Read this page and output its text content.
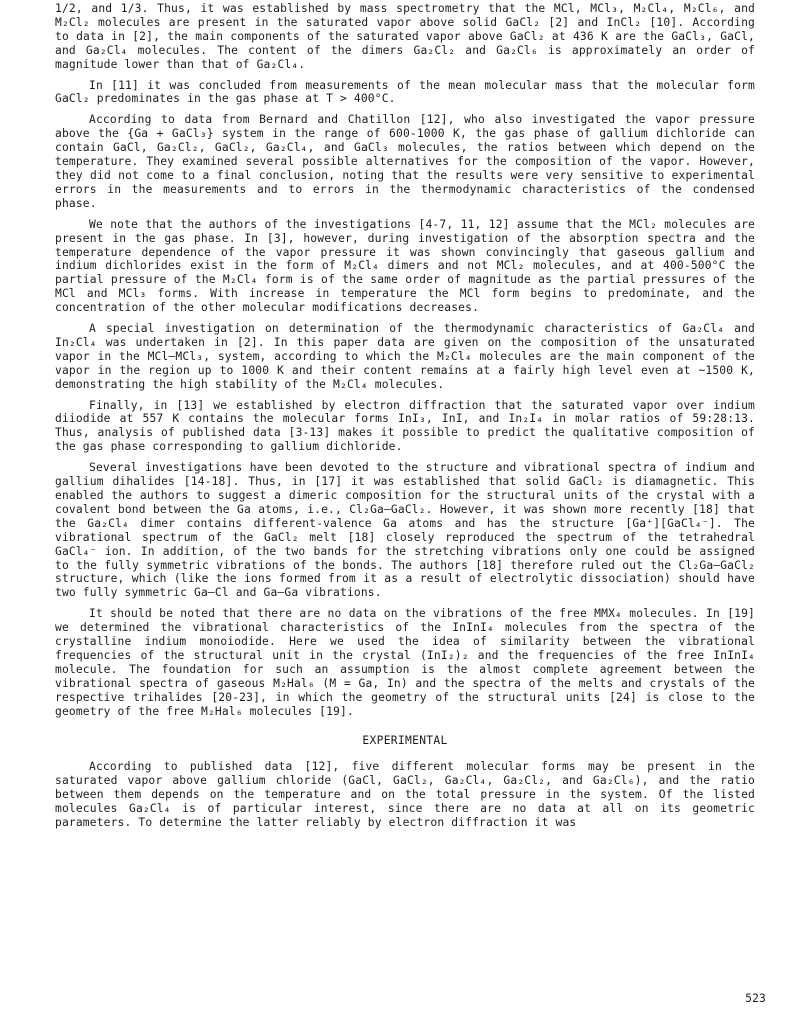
1/2, and 1/3. Thus, it was established by mass spectrometry that the MCl, MCl₃, M₂Cl₄, M₂Cl₆, and M₂Cl₂ molecules are present in the saturated vapor above solid GaCl₂ [2] and InCl₂ [10]. According to data in [2], the main components of the saturated vapor above GaCl₂ at 436 K are the GaCl₃, GaCl, and Ga₂Cl₄ molecules. The content of the dimers Ga₂Cl₂ and Ga₂Cl₆ is approximately an order of magnitude lower than that of Ga₂Cl₄.

In [11] it was concluded from measurements of the mean molecular mass that the molecular form GaCl₂ predominates in the gas phase at T > 400°C.

According to data from Bernard and Chatillon [12], who also investigated the vapor pressure above the {Ga + GaCl₃} system in the range of 600-1000 K, the gas phase of gallium dichloride can contain GaCl, Ga₂Cl₂, GaCl₂, Ga₂Cl₄, and GaCl₃ molecules, the ratios between which depend on the temperature. They examined several possible alternatives for the composition of the vapor. However, they did not come to a final conclusion, noting that the results were very sensitive to experimental errors in the measurements and to errors in the thermodynamic characteristics of the condensed phase.

We note that the authors of the investigations [4-7, 11, 12] assume that the MCl₂ molecules are present in the gas phase. In [3], however, during investigation of the absorption spectra and the temperature dependence of the vapor pressure it was shown convincingly that gaseous gallium and indium dichlorides exist in the form of M₂Cl₄ dimers and not MCl₂ molecules, and at 400-500°C the partial pressure of the M₂Cl₄ form is of the same order of magnitude as the partial pressures of the MCl and MCl₃ forms. With increase in temperature the MCl form begins to predominate, and the concentration of the other molecular modifications decreases.

A special investigation on determination of the thermodynamic characteristics of Ga₂Cl₄ and In₂Cl₄ was undertaken in [2]. In this paper data are given on the composition of the unsaturated vapor in the MCl–MCl₃, system, according to which the M₂Cl₄ molecules are the main component of the vapor in the region up to 1000 K and their content remains at a fairly high level even at ~1500 K, demonstrating the high stability of the M₂Cl₄ molecules.

Finally, in [13] we established by electron diffraction that the saturated vapor over indium diiodide at 557 K contains the molecular forms InI₃, InI, and In₂I₄ in molar ratios of 59:28:13. Thus, analysis of published data [3-13] makes it possible to predict the qualitative composition of the gas phase corresponding to gallium dichloride.

Several investigations have been devoted to the structure and vibrational spectra of indium and gallium dihalides [14-18]. Thus, in [17] it was established that solid GaCl₂ is diamagnetic. This enabled the authors to suggest a dimeric composition for the structural units of the crystal with a covalent bond between the Ga atoms, i.e., Cl₂Ga–GaCl₂. However, it was shown more recently [18] that the Ga₂Cl₄ dimer contains different-valence Ga atoms and has the structure [Ga⁺][GaCl₄⁻]. The vibrational spectrum of the GaCl₂ melt [18] closely reproduced the spectrum of the tetrahedral GaCl₄⁻ ion. In addition, of the two bands for the stretching vibrations only one could be assigned to the fully symmetric vibrations of the bonds. The authors [18] therefore ruled out the Cl₂Ga–GaCl₂ structure, which (like the ions formed from it as a result of electrolytic dissociation) should have two fully symmetric Ga–Cl and Ga–Ga vibrations.

It should be noted that there are no data on the vibrations of the free MMX₄ molecules. In [19] we determined the vibrational characteristics of the InInI₄ molecules from the spectra of the crystalline indium monoiodide. Here we used the idea of similarity between the vibrational frequencies of the structural unit in the crystal (InI₂)₂ and the frequencies of the free InInI₄ molecule. The foundation for such an assumption is the almost complete agreement between the vibrational spectra of gaseous M₂Hal₆ (M = Ga, In) and the spectra of the melts and crystals of the respective trihalides [20-23], in which the geometry of the structural units [24] is close to the geometry of the free M₂Hal₆ molecules [19].

EXPERIMENTAL

According to published data [12], five different molecular forms may be present in the saturated vapor above gallium chloride (GaCl, GaCl₂, Ga₂Cl₄, Ga₂Cl₂, and Ga₂Cl₆), and the ratio between them depends on the temperature and on the total pressure in the system. Of the listed molecules Ga₂Cl₄ is of particular interest, since there are no data at all on its geometric parameters. To determine the latter reliably by electron diffraction it was

523
